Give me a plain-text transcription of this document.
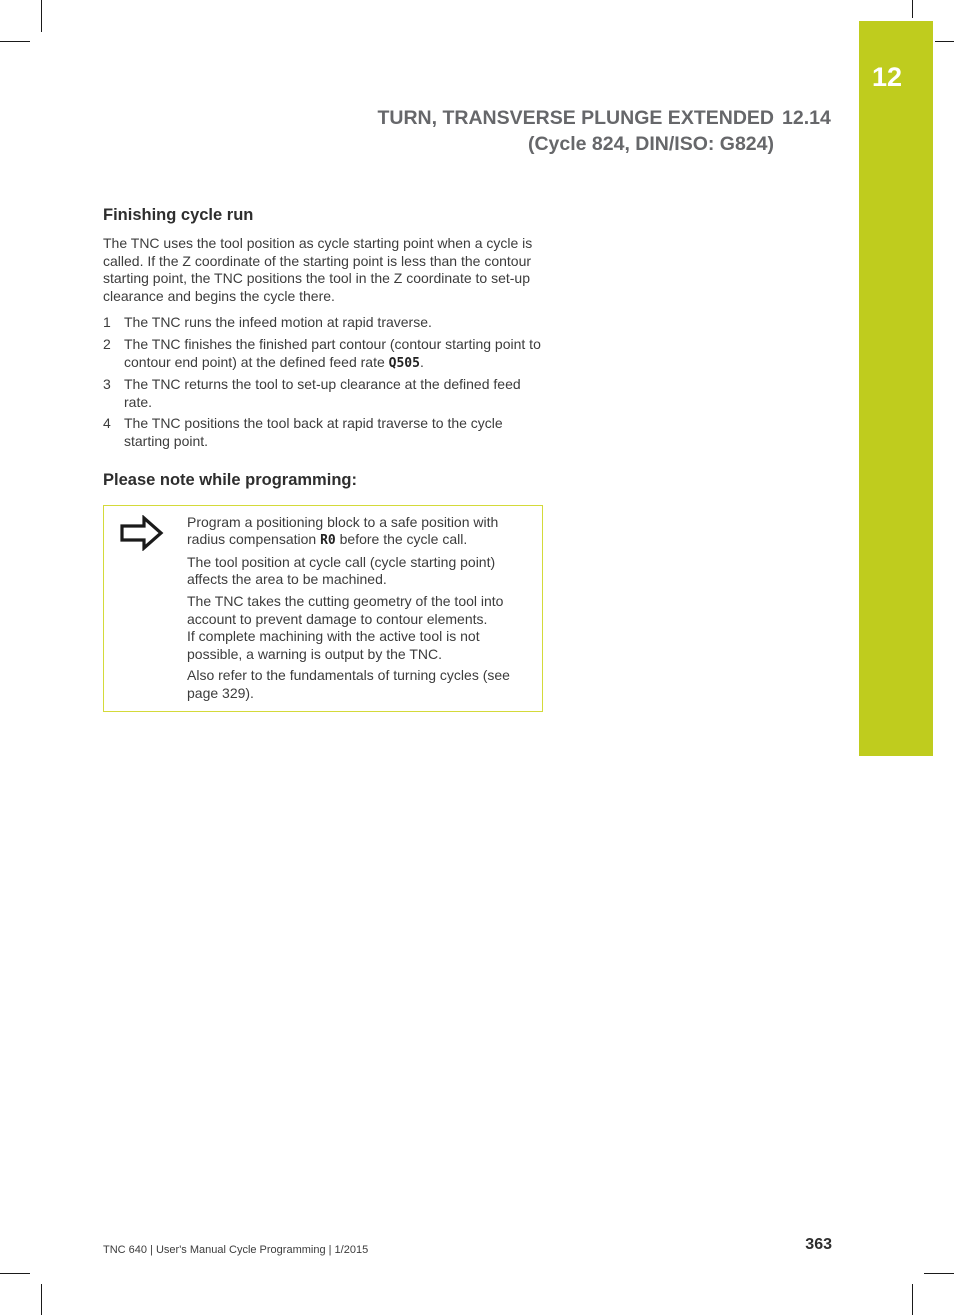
12
TURN, TRANSVERSE PLUNGE EXTENDED
(Cycle 824, DIN/ISO: G824)
12.14
Finishing cycle run

The TNC uses the tool position as cycle starting point when a cycle is called. If the Z coordinate of the starting point is less than the contour starting point, the TNC positions the tool in the Z coordinate to set-up clearance and begins the cycle there.

1 The TNC runs the infeed motion at rapid traverse.
2 The TNC finishes the finished part contour (contour starting point to contour end point) at the defined feed rate Q505.
3 The TNC returns the tool to set-up clearance at the defined feed rate.
4 The TNC positions the tool back at rapid traverse to the cycle starting point.
Please note while programming:

Program a positioning block to a safe position with radius compensation R0 before the cycle call.

The tool position at cycle call (cycle starting point) affects the area to be machined.

The TNC takes the cutting geometry of the tool into account to prevent damage to contour elements.

If complete machining with the active tool is not possible, a warning is output by the TNC.

Also refer to the fundamentals of turning cycles (see page 329).

TNC 640 | User's Manual Cycle Programming | 1/2015	363
